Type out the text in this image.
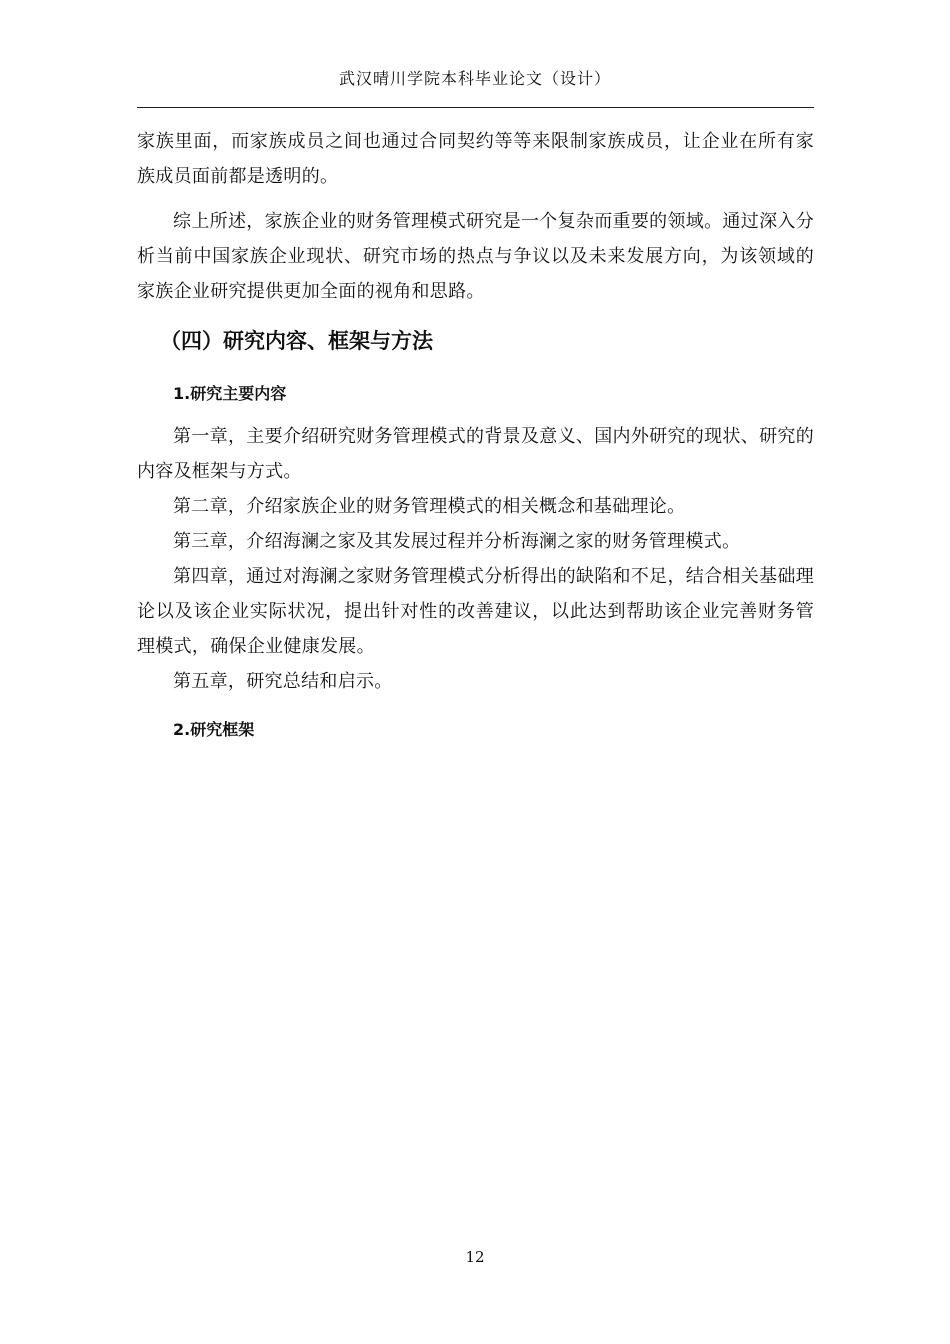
武汉晴川学院本科毕业论文（设计）

家族里面，而家族成员之间也通过合同契约等等来限制家族成员，让企业在所有家族成员面前都是透明的。

综上所述，家族企业的财务管理模式研究是一个复杂而重要的领域。通过深入分析当前中国家族企业现状、研究市场的热点与争议以及未来发展方向，为该领域的家族企业研究提供更加全面的视角和思路。

（四）研究内容、框架与方法
1.研究主要内容

第一章，主要介绍研究财务管理模式的背景及意义、国内外研究的现状、研究的内容及框架与方式。

第二章，介绍家族企业的财务管理模式的相关概念和基础理论。

第三章，介绍海澜之家及其发展过程并分析海澜之家的财务管理模式。

第四章，通过对海澜之家财务管理模式分析得出的缺陷和不足，结合相关基础理论以及该企业实际状况，提出针对性的改善建议，以此达到帮助该企业完善财务管理模式，确保企业健康发展。

第五章，研究总结和启示。

2.研究框架
12
